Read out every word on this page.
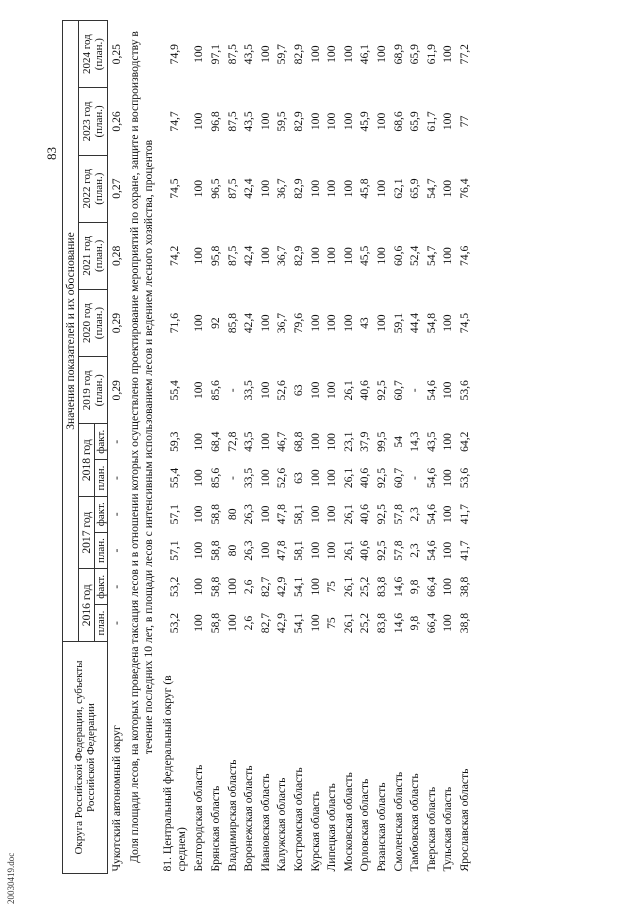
83
20030419.doc
Округа Российской Федерации, субъекты Российской Федерации	Значения показателей и их обоснование											
	2016 год		2017 год		2018 год		2019 год (план.)	2020 год (план.)	2021 год (план.)	2022 год (план.)	2023 год (план.)	2024 год (план.)
	план.	факт.	план.	факт.	план.	факт.						
Чукотский автономный округ	-	-	-	-	-	-	0,29	0,29	0,28	0,27	0,26	0,25
Доля площади лесов, на которых проведена таксация лесов и в отношении которых осуществлено проектирование мероприятий по охране, защите и воспроизводству в течение последних 10 лет, в площади лесов с интенсивным использованием лесов и ведением лесного хозяйства, процентов												
81. Центральный федеральный округ (в среднем)	53,2	53,2	57,1	57,1	55,4	59,3	55,4	71,6	74,2	74,5	74,7	74,9
Белгородская область	100	100	100	100	100	100	100	100	100	100	100	100
Брянская область	58,8	58,8	58,8	58,8	85,6	68,4	85,6	92	95,8	96,5	96,8	97,1
Владимирская область	100	100	80	80	-	72,8	-	85,8	87,5	87,5	87,5	87,5
Воронежская область	2,6	2,6	26,3	26,3	33,5	43,5	33,5	42,4	42,4	42,4	43,5	43,5
Ивановская область	82,7	82,7	100	100	100	100	100	100	100	100	100	100
Калужская область	42,9	42,9	47,8	47,8	52,6	46,7	52,6	36,7	36,7	36,7	59,5	59,7
Костромская область	54,1	54,1	58,1	58,1	63	68,8	63	79,6	82,9	82,9	82,9	82,9
Курская область	100	100	100	100	100	100	100	100	100	100	100	100
Липецкая область	75	75	100	100	100	100	100	100	100	100	100	100
Московская область	26,1	26,1	26,1	26,1	26,1	23,1	26,1	100	100	100	100	100
Орловская область	25,2	25,2	40,6	40,6	40,6	37,9	40,6	43	45,5	45,8	45,9	46,1
Рязанская область	83,8	83,8	92,5	92,5	92,5	99,5	92,5	100	100	100	100	100
Смоленская область	14,6	14,6	57,8	57,8	60,7	54	60,7	59,1	60,6	62,1	68,6	68,9
Тамбовская область	9,8	9,8	2,3	2,3	-	14,3	-	44,4	52,4	65,9	65,9	65,9
Тверская область	66,4	66,4	54,6	54,6	54,6	43,5	54,6	54,8	54,7	54,7	61,7	61,9
Тульская область	100	100	100	100	100	100	100	100	100	100	100	100
Ярославская область	38,8	38,8	41,7	41,7	53,6	64,2	53,6	74,5	74,6	76,4	77	77,2
